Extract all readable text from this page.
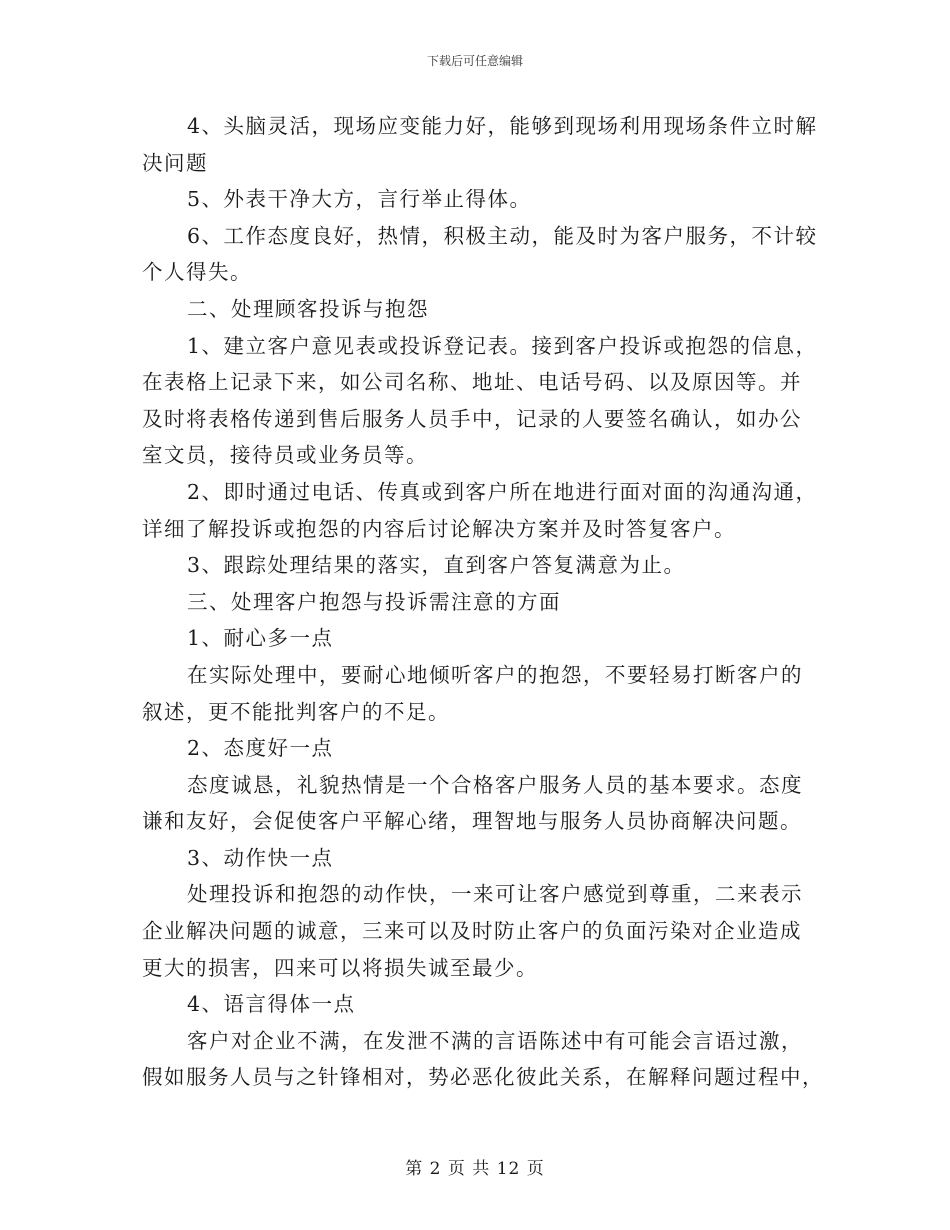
下载后可任意编辑

4、头脑灵活，现场应变能力好，能够到现场利用现场条件立时解
决问题

5、外表干净大方，言行举止得体。

6、工作态度良好，热情，积极主动，能及时为客户服务，不计较
个人得失。

二、处理顾客投诉与抱怨

1、建立客户意见表或投诉登记表。接到客户投诉或抱怨的信息，
在表格上记录下来，如公司名称、地址、电话号码、以及原因等。并
及时将表格传递到售后服务人员手中，记录的人要签名确认，如办公
室文员，接待员或业务员等。

2、即时通过电话、传真或到客户所在地进行面对面的沟通沟通，
详细了解投诉或抱怨的内容后讨论解决方案并及时答复客户。

3、跟踪处理结果的落实，直到客户答复满意为止。

三、处理客户抱怨与投诉需注意的方面

1、耐心多一点

在实际处理中，要耐心地倾听客户的抱怨，不要轻易打断客户的
叙述，更不能批判客户的不足。

2、态度好一点

态度诚恳，礼貌热情是一个合格客户服务人员的基本要求。态度
谦和友好，会促使客户平解心绪，理智地与服务人员协商解决问题。

3、动作快一点

处理投诉和抱怨的动作快，一来可让客户感觉到尊重，二来表示
企业解决问题的诚意，三来可以及时防止客户的负面污染对企业造成
更大的损害，四来可以将损失诚至最少。

4、语言得体一点

客户对企业不满，在发泄不满的言语陈述中有可能会言语过激，
假如服务人员与之针锋相对，势必恶化彼此关系，在解释问题过程中，

第 2 页 共 12 页
